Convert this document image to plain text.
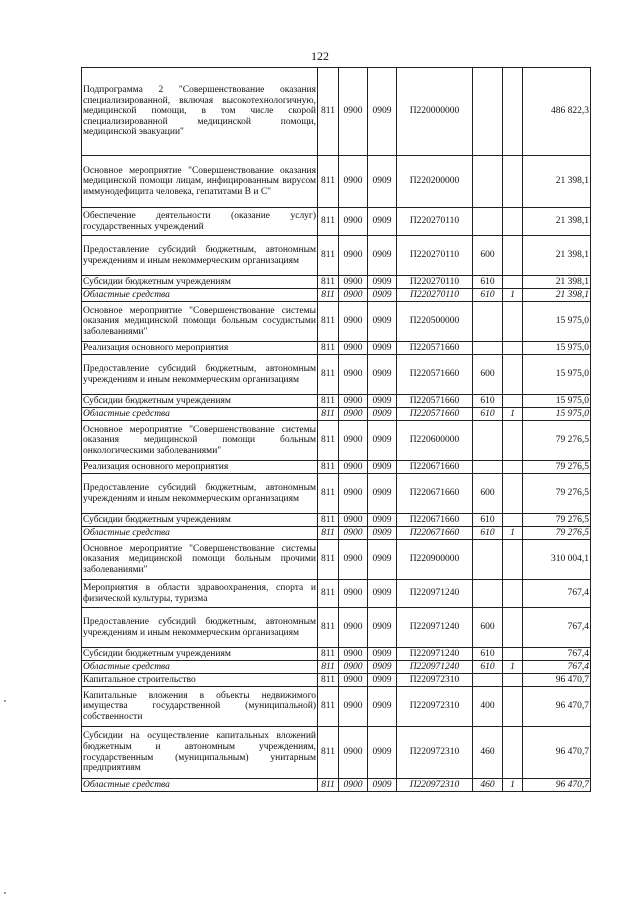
122
Подпрограмма 2 "Совершенствование оказания специализированной, включая высокотехнологичную, медицинской помощи, в том числе скорой специализированной медицинской помощи, медицинской эвакуации"	811	0900	0909	П220000000			486 822,3
Основное мероприятие "Совершенствование оказания медицинской помощи лицам, инфицированным вирусом иммунодефицита человека, гепатитами В и С"	811	0900	0909	П220200000			21 398,1
Обеспечение деятельности (оказание услуг) государственных учреждений	811	0900	0909	П220270110			21 398,1
Предоставление субсидий бюджетным, автономным учреждениям и иным некоммерческим организациям	811	0900	0909	П220270110	600		21 398,1
Субсидии бюджетным учреждениям	811	0900	0909	П220270110	610		21 398,1
Областные средства	811	0900	0909	П220270110	610	1	21 398,1
Основное мероприятие "Совершенствование системы оказания медицинской помощи больным сосудистыми заболеваниями"	811	0900	0909	П220500000			15 975,0
Реализация основного мероприятия	811	0900	0909	П220571660			15 975,0
Предоставление субсидий бюджетным, автономным учреждениям и иным некоммерческим организациям	811	0900	0909	П220571660	600		15 975,0
Субсидии бюджетным учреждениям	811	0900	0909	П220571660	610		15 975,0
Областные средства	811	0900	0909	П220571660	610	1	15 975,0
Основное мероприятие "Совершенствование системы оказания медицинской помощи больным онкологическими заболеваниями"	811	0900	0909	П220600000			79 276,5
Реализация основного мероприятия	811	0900	0909	П220671660			79 276,5
Предоставление субсидий бюджетным, автономным учреждениям и иным некоммерческим организациям	811	0900	0909	П220671660	600		79 276,5
Субсидии бюджетным учреждениям	811	0900	0909	П220671660	610		79 276,5
Областные средства	811	0900	0909	П220671660	610	1	79 276,5
Основное мероприятие "Совершенствование системы оказания медицинской помощи больным прочими заболеваниями"	811	0900	0909	П220900000			310 004,1
Мероприятия в области здравоохранения, спорта и физической культуры, туризма	811	0900	0909	П220971240			767,4
Предоставление субсидий бюджетным, автономным учреждениям и иным некоммерческим организациям	811	0900	0909	П220971240	600		767,4
Субсидии бюджетным учреждениям	811	0900	0909	П220971240	610		767,4
Областные средства	811	0900	0909	П220971240	610	1	767,4
Капитальное строительство	811	0900	0909	П220972310			96 470,7
Капитальные вложения в объекты недвижимого имущества государственной (муниципальной) собственности	811	0900	0909	П220972310	400		96 470,7
Субсидии на осуществление капитальных вложений бюджетным и автономным учреждениям, государственным (муниципальным) унитарным предприятиям	811	0900	0909	П220972310	460		96 470,7
Областные средства	811	0900	0909	П220972310	460	1	96 470,7
